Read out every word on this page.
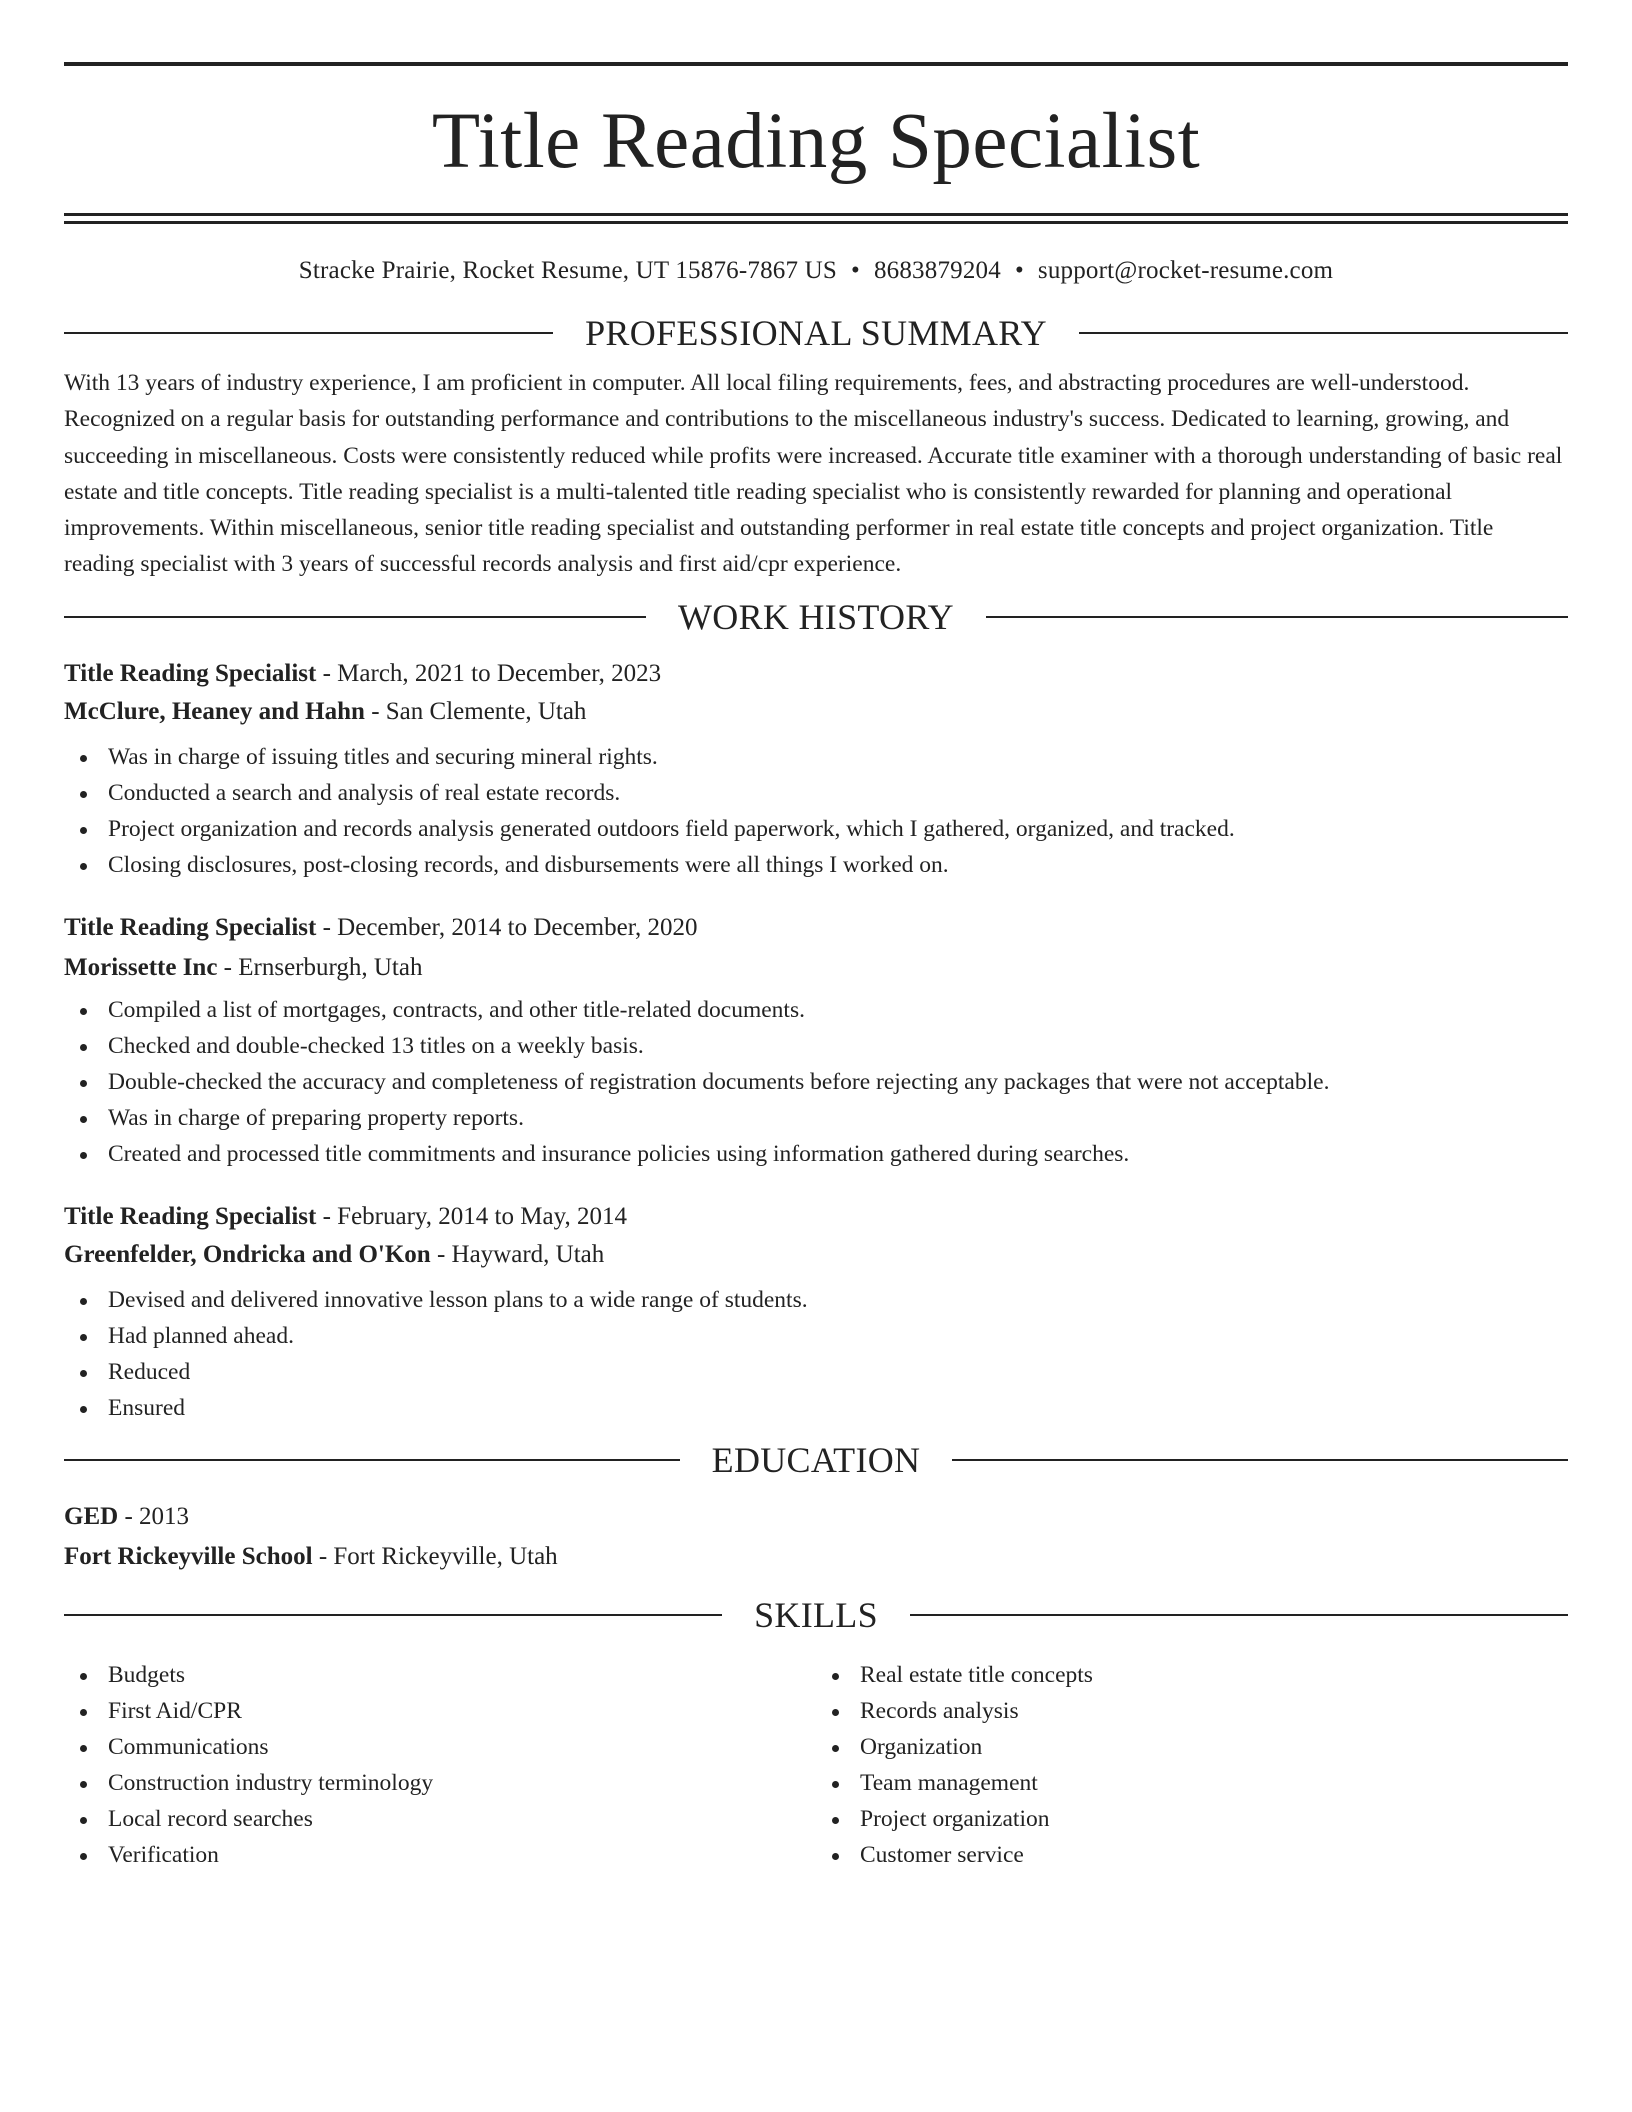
Title Reading Specialist
Stracke Prairie, Rocket Resume, UT 15876-7867 US • 8683879204 • support@rocket-resume.com
PROFESSIONAL SUMMARY

With 13 years of industry experience, I am proficient in computer. All local filing requirements, fees, and abstracting procedures are well-understood. Recognized on a regular basis for outstanding performance and contributions to the miscellaneous industry's success. Dedicated to learning, growing, and succeeding in miscellaneous. Costs were consistently reduced while profits were increased. Accurate title examiner with a thorough understanding of basic real estate and title concepts. Title reading specialist is a multi-talented title reading specialist who is consistently rewarded for planning and operational improvements. Within miscellaneous, senior title reading specialist and outstanding performer in real estate title concepts and project organization. Title reading specialist with 3 years of successful records analysis and first aid/cpr experience.

WORK HISTORY
Title Reading Specialist - March, 2021 to December, 2023
McClure, Heaney and Hahn - San Clemente, Utah
Was in charge of issuing titles and securing mineral rights.
Conducted a search and analysis of real estate records.
Project organization and records analysis generated outdoors field paperwork, which I gathered, organized, and tracked.
Closing disclosures, post-closing records, and disbursements were all things I worked on.
Title Reading Specialist - December, 2014 to December, 2020
Morissette Inc - Ernserburgh, Utah
Compiled a list of mortgages, contracts, and other title-related documents.
Checked and double-checked 13 titles on a weekly basis.
Double-checked the accuracy and completeness of registration documents before rejecting any packages that were not acceptable.
Was in charge of preparing property reports.
Created and processed title commitments and insurance policies using information gathered during searches.
Title Reading Specialist - February, 2014 to May, 2014
Greenfelder, Ondricka and O'Kon - Hayward, Utah
Devised and delivered innovative lesson plans to a wide range of students.
Had planned ahead.
Reduced
Ensured
EDUCATION
GED - 2013
Fort Rickeyville School - Fort Rickeyville, Utah
SKILLS
Budgets
First Aid/CPR
Communications
Construction industry terminology
Local record searches
Verification
Real estate title concepts
Records analysis
Organization
Team management
Project organization
Customer service
